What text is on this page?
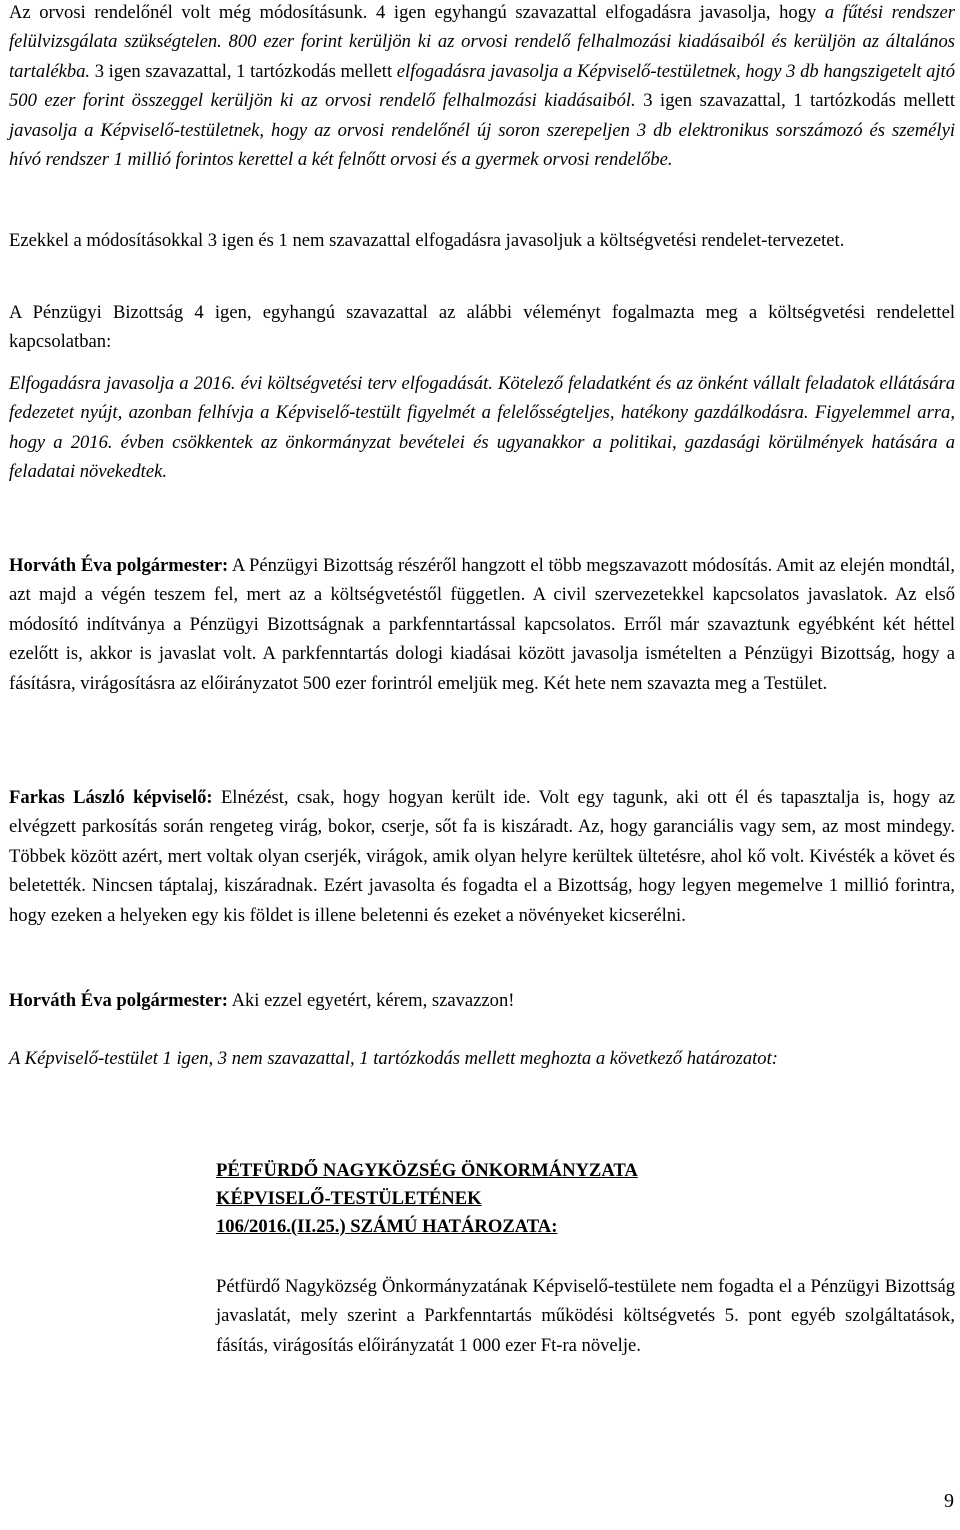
Az orvosi rendelőnél volt még módosításunk. 4 igen egyhangú szavazattal elfogadásra javasolja, hogy a fűtési rendszer felülvizsgálata szükségtelen. 800 ezer forint kerüljön ki az orvosi rendelő felhalmozási kiadásaiból és kerüljön az általános tartalékba. 3 igen szavazattal, 1 tartózkodás mellett elfogadásra javasolja a Képviselő-testületnek, hogy 3 db hangszigetelt ajtó 500 ezer forint összeggel kerüljön ki az orvosi rendelő felhalmozási kiadásaiból. 3 igen szavazattal, 1 tartózkodás mellett javasolja a Képviselő-testületnek, hogy az orvosi rendelőnél új soron szerepeljen 3 db elektronikus sorszámozó és személyi hívó rendszer 1 millió forintos kerettel a két felnőtt orvosi és a gyermek orvosi rendelőbe.

Ezekkel a módosításokkal 3 igen és 1 nem szavazattal elfogadásra javasoljuk a költségvetési rendelet-tervezetet.

A Pénzügyi Bizottság 4 igen, egyhangú szavazattal az alábbi véleményt fogalmazta meg a költségvetési rendelettel kapcsolatban:

Elfogadásra javasolja a 2016. évi költségvetési terv elfogadását. Kötelező feladatként és az önként vállalt feladatok ellátására fedezetet nyújt, azonban felhívja a Képviselő-testült figyelmét a felelősségteljes, hatékony gazdálkodásra. Figyelemmel arra, hogy a 2016. évben csökkentek az önkormányzat bevételei és ugyanakkor a politikai, gazdasági körülmények hatására a feladatai növekedtek.

Horváth Éva polgármester: A Pénzügyi Bizottság részéről hangzott el több megszavazott módosítás. Amit az elején mondtál, azt majd a végén teszem fel, mert az a költségvetéstől független. A civil szervezetekkel kapcsolatos javaslatok. Az első módosító indítványa a Pénzügyi Bizottságnak a parkfenntartással kapcsolatos. Erről már szavaztunk egyébként két héttel ezelőtt is, akkor is javaslat volt. A parkfenntartás dologi kiadásai között javasolja ismételten a Pénzügyi Bizottság, hogy a fásításra, virágosításra az előirányzatot 500 ezer forintról emeljük meg. Két hete nem szavazta meg a Testület.

Farkas László képviselő: Elnézést, csak, hogy hogyan került ide. Volt egy tagunk, aki ott él és tapasztalja is, hogy az elvégzett parkosítás során rengeteg virág, bokor, cserje, sőt fa is kiszáradt. Az, hogy garanciális vagy sem, az most mindegy. Többek között azért, mert voltak olyan cserjék, virágok, amik olyan helyre kerültek ültetésre, ahol kő volt. Kivésték a követ és beletették. Nincsen táptalaj, kiszáradnak. Ezért javasolta és fogadta el a Bizottság, hogy legyen megemelve 1 millió forintra, hogy ezeken a helyeken egy kis földet is illene beletenni és ezeket a növényeket kicserélni.

Horváth Éva polgármester: Aki ezzel egyetért, kérem, szavazzon!

A Képviselő-testület 1 igen, 3 nem szavazattal, 1 tartózkodás mellett meghozta a következő határozatot:

PÉTFÜRDŐ NAGYKÖZSÉG ÖNKORMÁNYZATA
KÉPVISELŐ-TESTÜLETÉNEK
106/2016.(II.25.) SZÁMÚ HATÁROZATA:

Pétfürdő Nagyközség Önkormányzatának Képviselő-testülete nem fogadta el a Pénzügyi Bizottság javaslatát, mely szerint a Parkfenntartás működési költségvetés 5. pont egyéb szolgáltatások, fásítás, virágosítás előirányzatát 1 000 ezer Ft-ra növelje.

9
